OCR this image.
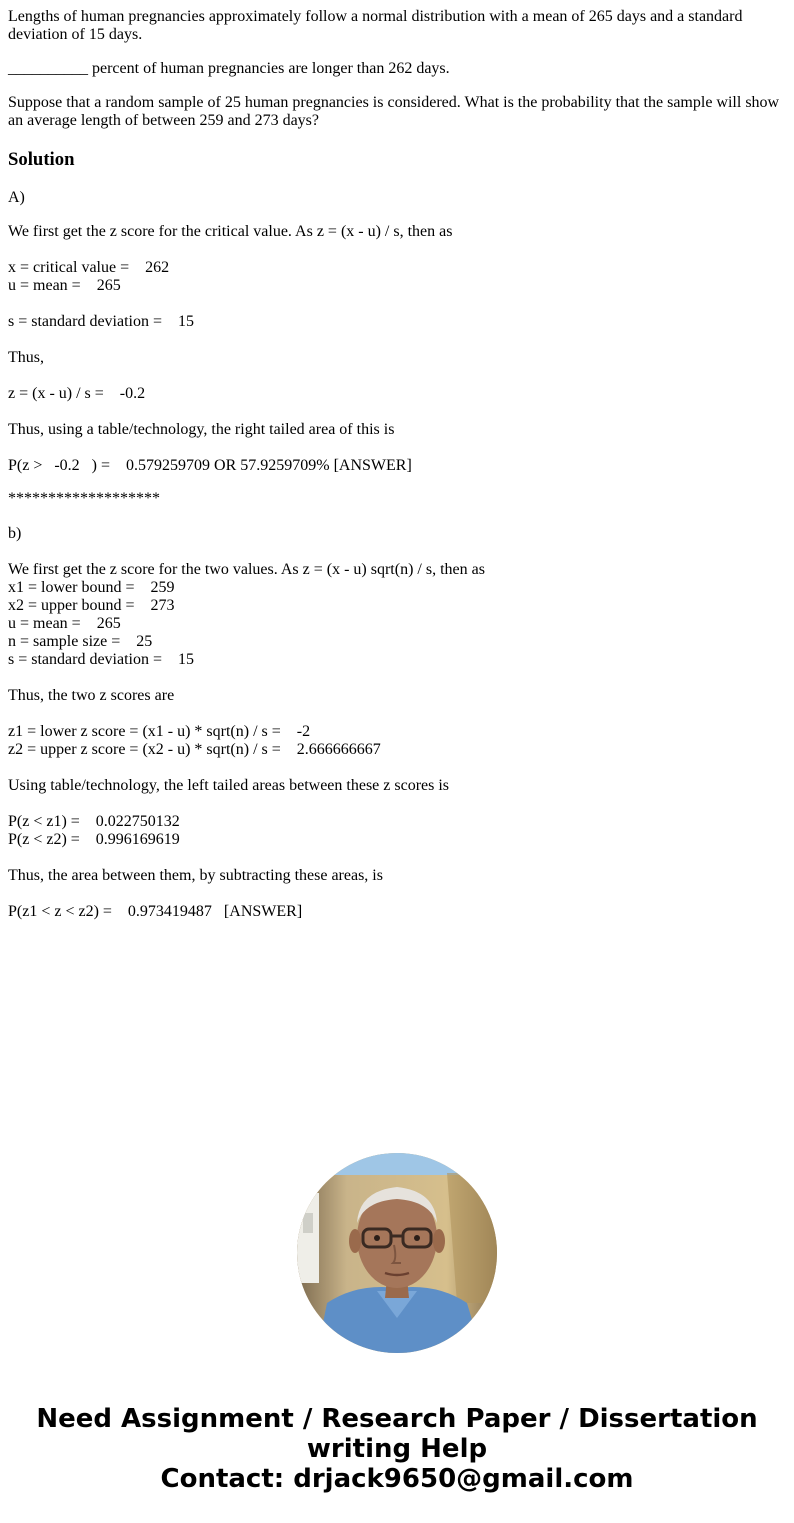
Lengths of human pregnancies approximately follow a normal distribution with a mean of 265 days and a standard deviation of 15 days.

__________ percent of human pregnancies are longer than 262 days.

Suppose that a random sample of 25 human pregnancies is considered. What is the probability that the sample will show an average length of between 259 and 273 days?

Solution
A)
We first get the z score for the critical value. As z = (x - u) / s, then as
x = critical value =    262
u = mean =    265
s = standard deviation =    15
Thus,
z = (x - u) / s =    -0.2
Thus, using a table/technology, the right tailed area of this is
P(z >   -0.2   ) =    0.579259709 OR 57.9259709% [ANSWER]
*******************
b)
We first get the z score for the two values. As z = (x - u) sqrt(n) / s, then as
x1 = lower bound =    259
x2 = upper bound =    273
u = mean =    265
n = sample size =    25
s = standard deviation =    15
Thus, the two z scores are
z1 = lower z score = (x1 - u) * sqrt(n) / s =    -2
z2 = upper z score = (x2 - u) * sqrt(n) / s =    2.666666667
Using table/technology, the left tailed areas between these z scores is
P(z < z1) =    0.022750132
P(z < z2) =    0.996169619
Thus, the area between them, by subtracting these areas, is
P(z1 < z < z2) =    0.973419487   [ANSWER]
Need Assignment / Research Paper / Dissertation
writing Help
Contact: drjack9650@gmail.com
